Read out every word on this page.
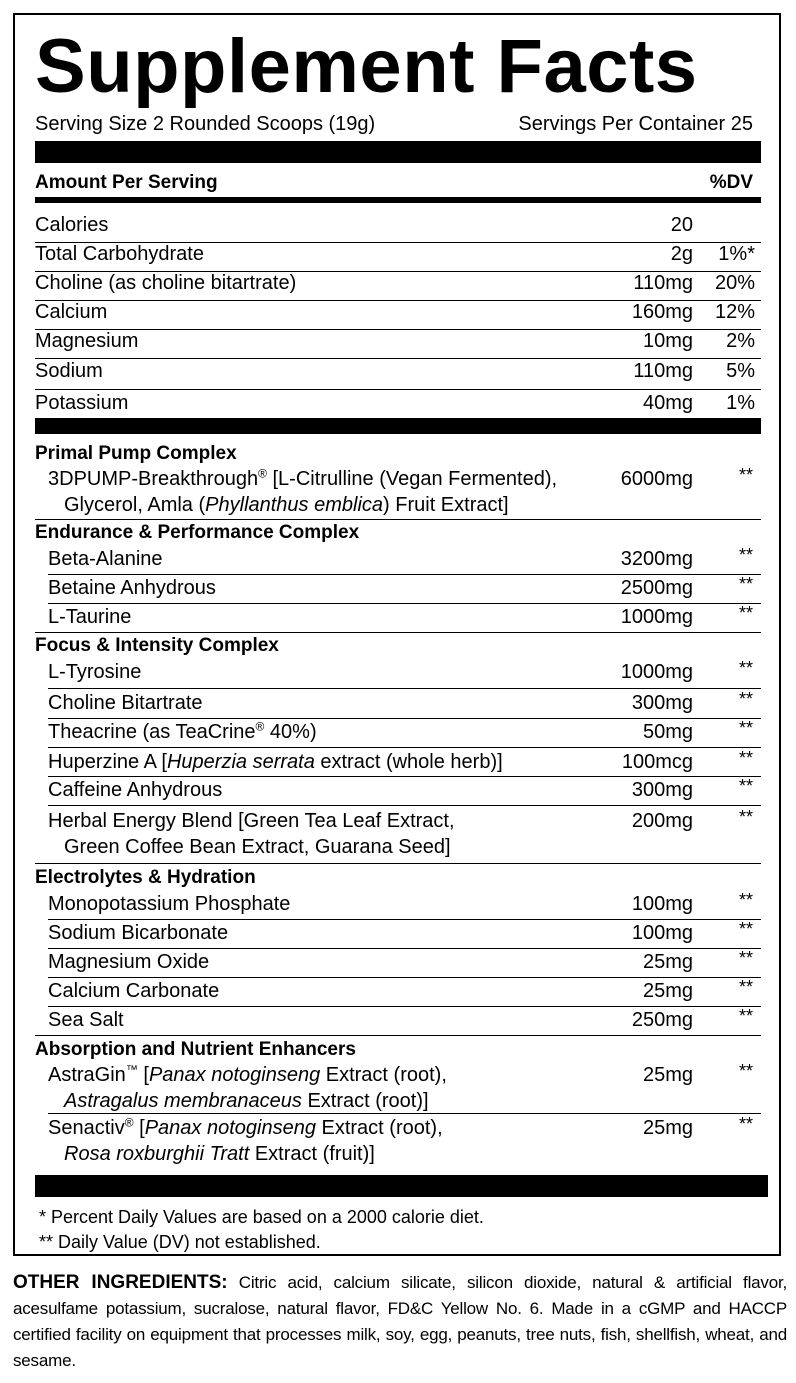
Supplement Facts
Serving Size 2 Rounded Scoops (19g)	Servings Per Container 25
Amount Per Serving	%DV
Calories	20
Total Carbohydrate	2g 1%*
Choline (as choline bitartrate)	110mg 20%
Calcium	160mg 12%
Magnesium	10mg 2%
Sodium	110mg 5%
Potassium	40mg 1%
Primal Pump Complex
3DPUMP-Breakthrough® [L-Citrulline (Vegan Fermented),
Glycerol, Amla (Phyllanthus emblica) Fruit Extract]
6000mg	**
Endurance & Performance Complex
Beta-Alanine	3200mg	**
Betaine Anhydrous	2500mg	**
L-Taurine	1000mg	**
Focus & Intensity Complex
L-Tyrosine	1000mg	**
Choline Bitartrate	300mg	**
Theacrine (as TeaCrine® 40%)	50mg	**
Huperzine A [Huperzia serrata extract (whole herb)]	100mcg	**
Caffeine Anhydrous	300mg	**
Herbal Energy Blend [Green Tea Leaf Extract,
Green Coffee Bean Extract, Guarana Seed]
200mg	**
Electrolytes & Hydration
Monopotassium Phosphate	100mg	**
Sodium Bicarbonate	100mg	**
Magnesium Oxide	25mg	**
Calcium Carbonate	25mg	**
Sea Salt	250mg	**
Absorption and Nutrient Enhancers
AstraGin™ [Panax notoginseng Extract (root),
Astragalus membranaceus Extract (root)]
25mg	**
Senactiv® [Panax notoginseng Extract (root),
Rosa roxburghii Tratt Extract (fruit)]
25mg	**
* Percent Daily Values are based on a 2000 calorie diet.
** Daily Value (DV) not established.
OTHER INGREDIENTS: Citric acid, calcium silicate, silicon dioxide, natural & artificial flavor, acesulfame potassium, sucralose, natural flavor, FD&C Yellow No. 6. Made in a cGMP and HACCP certified facility on equipment that processes milk, soy, egg, peanuts, tree nuts, fish, shellfish, wheat, and sesame.
